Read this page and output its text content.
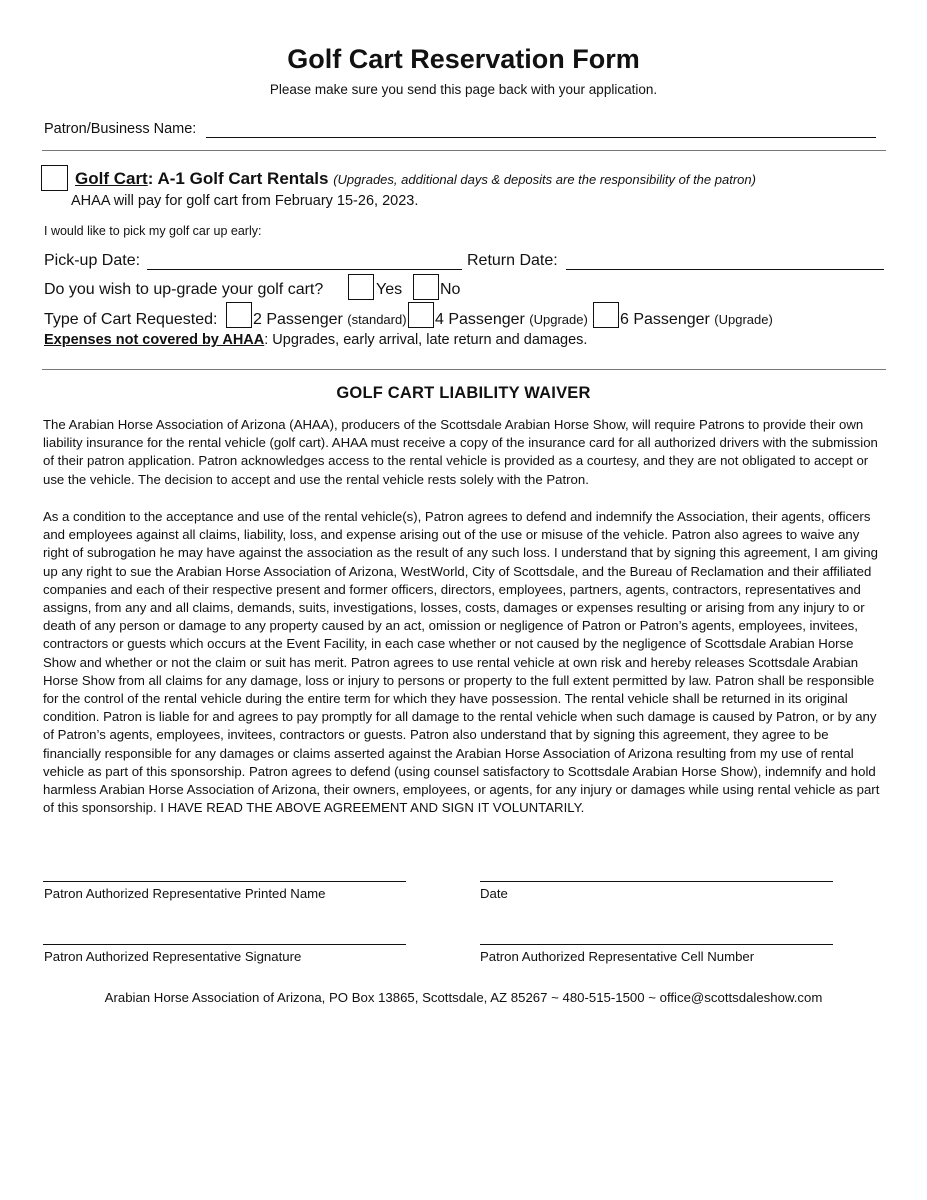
Golf Cart Reservation Form
Please make sure you send this page back with your application.
Patron/Business Name:
Golf Cart: A-1 Golf Cart Rentals (Upgrades, additional days & deposits are the responsibility of the patron)
AHAA will pay for golf cart from February 15-26, 2023.
I would like to pick my golf car up early:
Pick-up Date:	Return Date:
Do you wish to up-grade your golf cart?	Yes No
Type of Cart Requested: 2 Passenger (standard) 4 Passenger (Upgrade) 6 Passenger (Upgrade)
Expenses not covered by AHAA: Upgrades, early arrival, late return and damages.
GOLF CART LIABILITY WAIVER
The Arabian Horse Association of Arizona (AHAA), producers of the Scottsdale Arabian Horse Show, will require Patrons to provide their own liability insurance for the rental vehicle (golf cart). AHAA must receive a copy of the insurance card for all authorized drivers with the submission of their patron application. Patron acknowledges access to the rental vehicle is provided as a courtesy, and they are not obligated to accept or use the vehicle. The decision to accept and use the rental vehicle rests solely with the Patron.
As a condition to the acceptance and use of the rental vehicle(s), Patron agrees to defend and indemnify the Association, their agents, officers and employees against all claims, liability, loss, and expense arising out of the use or misuse of the vehicle. Patron also agrees to waive any right of subrogation he may have against the association as the result of any such loss. I understand that by signing this agreement, I am giving up any right to sue the Arabian Horse Association of Arizona, WestWorld, City of Scottsdale, and the Bureau of Reclamation and their affiliated companies and each of their respective present and former officers, directors, employees, partners, agents, contractors, representatives and assigns, from any and all claims, demands, suits, investigations, losses, costs, damages or expenses resulting or arising from any injury to or death of any person or damage to any property caused by an act, omission or negligence of Patron or Patron’s agents, employees, invitees, contractors or guests which occurs at the Event Facility, in each case whether or not caused by the negligence of Scottsdale Arabian Horse Show and whether or not the claim or suit has merit. Patron agrees to use rental vehicle at own risk and hereby releases Scottsdale Arabian Horse Show from all claims for any damage, loss or injury to persons or property to the full extent permitted by law. Patron shall be responsible for the control of the rental vehicle during the entire term for which they have possession. The rental vehicle shall be returned in its original condition. Patron is liable for and agrees to pay promptly for all damage to the rental vehicle when such damage is caused by Patron, or by any of Patron’s agents, employees, invitees, contractors or guests. Patron also understand that by signing this agreement, they agree to be financially responsible for any damages or claims asserted against the Arabian Horse Association of Arizona resulting from my use of rental vehicle as part of this sponsorship. Patron agrees to defend (using counsel satisfactory to Scottsdale Arabian Horse Show), indemnify and hold harmless Arabian Horse Association of Arizona, their owners, employees, or agents, for any injury or damages while using rental vehicle as part of this sponsorship. I HAVE READ THE ABOVE AGREEMENT AND SIGN IT VOLUNTARILY.
Patron Authorized Representative Printed Name	Date
Patron Authorized Representative Signature	Patron Authorized Representative Cell Number
Arabian Horse Association of Arizona, PO Box 13865, Scottsdale, AZ 85267 ~ 480-515-1500 ~ office@scottsdaleshow.com
